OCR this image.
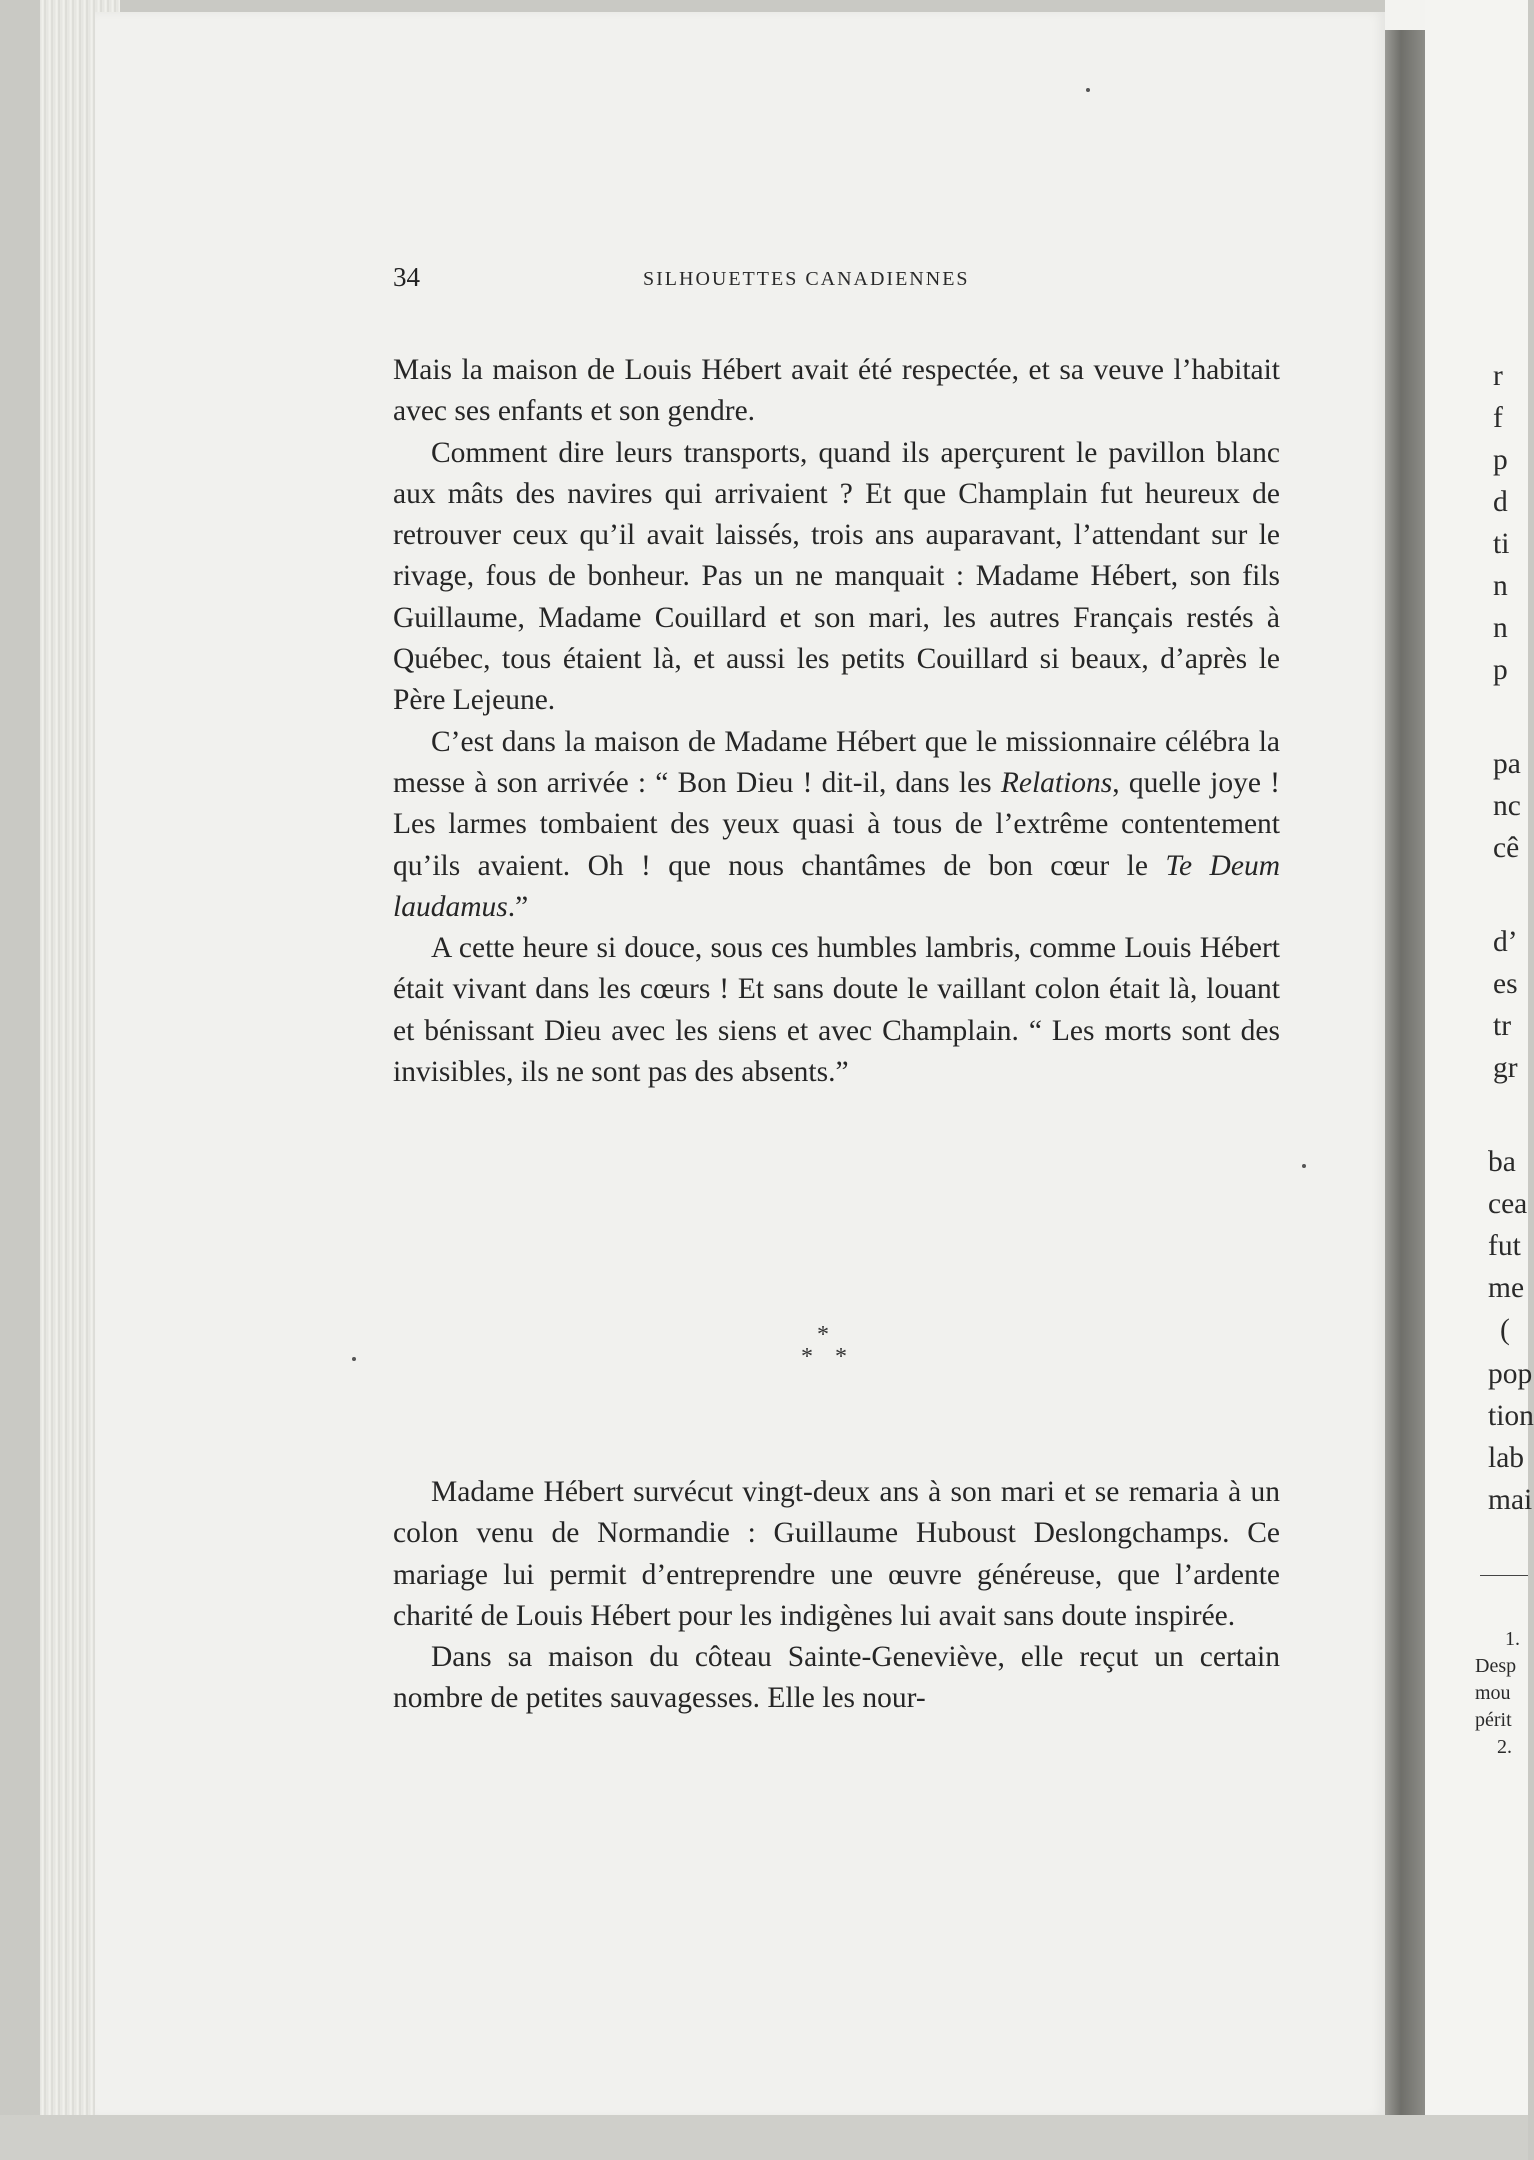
34	SILHOUETTES CANADIENNES

Mais la maison de Louis Hébert avait été respectée, et sa veuve l’habitait avec ses enfants et son gendre.

Comment dire leurs transports, quand ils aperçurent le pavillon blanc aux mâts des navires qui arrivaient ? Et que Champlain fut heureux de retrouver ceux qu’il avait laissés, trois ans auparavant, l’attendant sur le rivage, fous de bonheur. Pas un ne manquait : Madame Hébert, son fils Guillaume, Madame Couillard et son mari, les autres Français restés à Québec, tous étaient là, et aussi les petits Couillard si beaux, d’après le Père Lejeune.

C’est dans la maison de Madame Hébert que le missionnaire célébra la messe à son arrivée : “ Bon Dieu ! dit-il, dans les Relations, quelle joye ! Les larmes tombaient des yeux quasi à tous de l’extrême contentement qu’ils avaient. Oh ! que nous chantâmes de bon cœur le Te Deum laudamus.”

A cette heure si douce, sous ces humbles lambris, comme Louis Hébert était vivant dans les cœurs ! Et sans doute le vaillant colon était là, louant et bénissant Dieu avec les siens et avec Champlain. “ Les morts sont des invisibles, ils ne sont pas des absents.”

*
* *

Madame Hébert survécut vingt-deux ans à son mari et se remaria à un colon venu de Normandie : Guillaume Huboust Deslongchamps. Ce mariage lui permit d’entreprendre une œuvre généreuse, que l’ardente charité de Louis Hébert pour les indigènes lui avait sans doute inspirée.

Dans sa maison du côteau Sainte-Geneviève, elle reçut un certain nombre de petites sauvagesses. Elle les nour-

r
f
p
d
ti
n
n
p
pa
nc
cê
d’
es
tr
gr
ba
cea
fut
me
(
pop
tion
lab
mai
1.
Desp
mou
périt
2.
